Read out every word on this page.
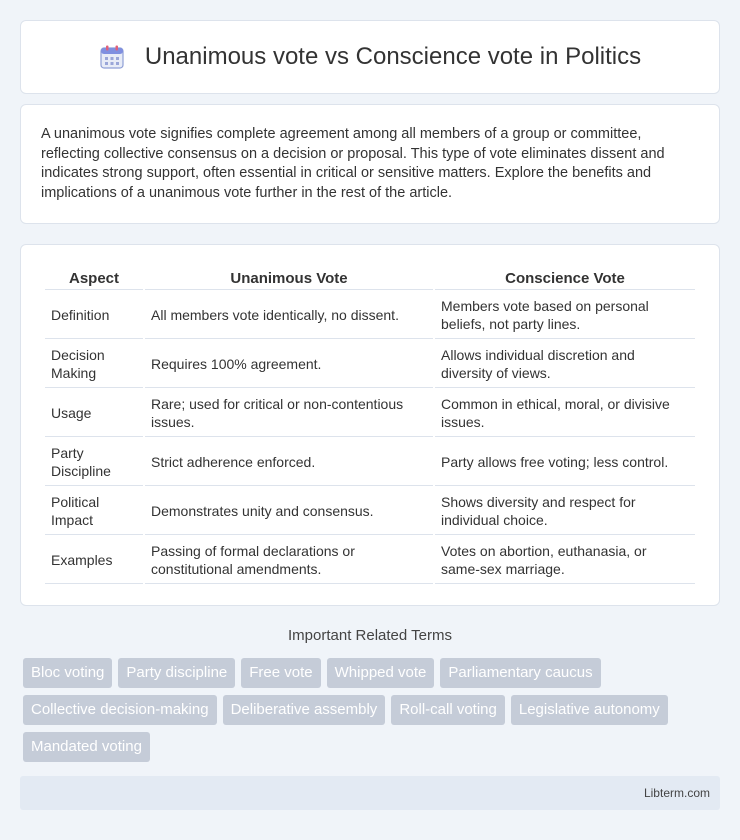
Unanimous vote vs Conscience vote in Politics

A unanimous vote signifies complete agreement among all members of a group or committee, reflecting collective consensus on a decision or proposal. This type of vote eliminates dissent and indicates strong support, often essential in critical or sensitive matters. Explore the benefits and implications of a unanimous vote further in the rest of the article.

Aspect	Unanimous Vote	Conscience Vote
Definition	All members vote identically, no dissent.	Members vote based on personal beliefs, not party lines.
Decision Making	Requires 100% agreement.	Allows individual discretion and diversity of views.
Usage	Rare; used for critical or non-contentious issues.	Common in ethical, moral, or divisive issues.
Party Discipline	Strict adherence enforced.	Party allows free voting; less control.
Political Impact	Demonstrates unity and consensus.	Shows diversity and respect for individual choice.
Examples	Passing of formal declarations or constitutional amendments.	Votes on abortion, euthanasia, or same-sex marriage.
Important Related Terms
Bloc voting	Party discipline	Free vote	Whipped vote	Parliamentary caucus
Collective decision-making	Deliberative assembly	Roll-call voting	Legislative autonomy
Mandated voting
Libterm.com
